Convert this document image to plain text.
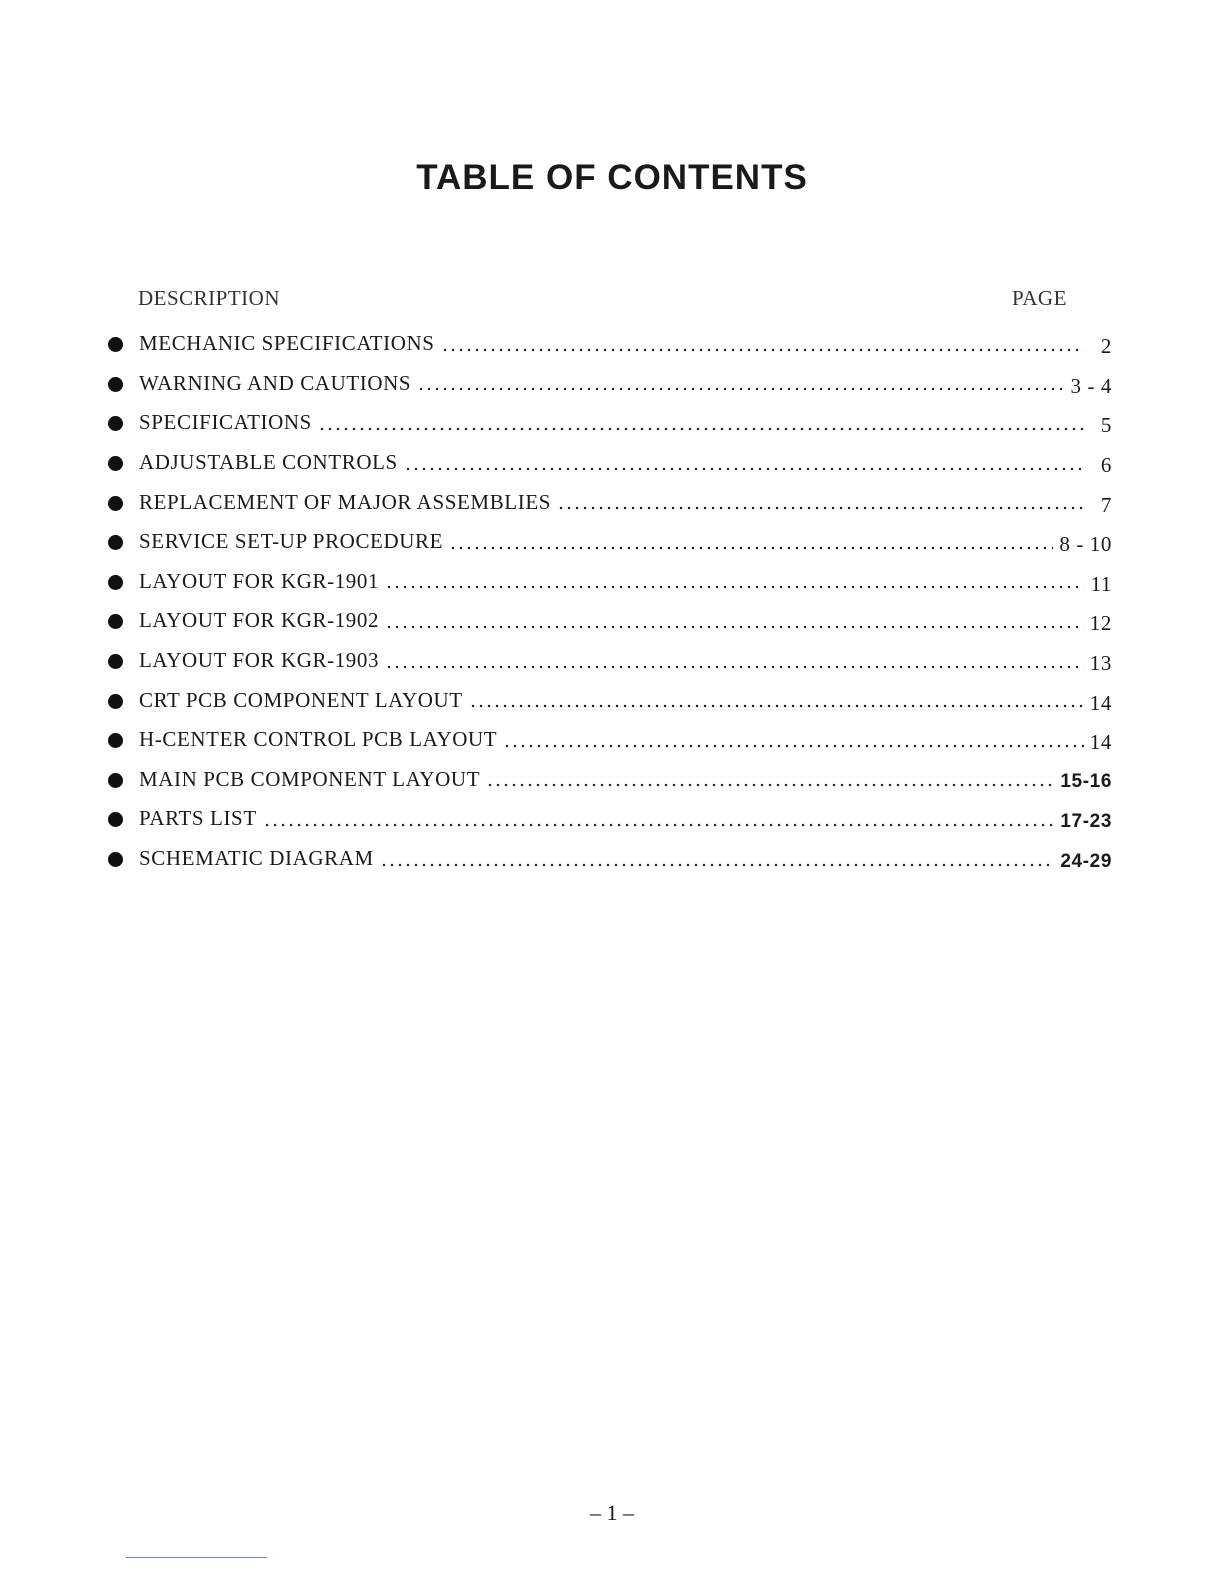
TABLE OF CONTENTS
DESCRIPTION	PAGE
MECHANIC SPECIFICATIONS	2
WARNING AND CAUTIONS	3 - 4
SPECIFICATIONS	5
ADJUSTABLE CONTROLS	6
REPLACEMENT OF MAJOR ASSEMBLIES	7
SERVICE SET-UP PROCEDURE	8 - 10
LAYOUT FOR KGR-1901	11
LAYOUT FOR KGR-1902	12
LAYOUT FOR KGR-1903	13
CRT PCB COMPONENT LAYOUT	14
H-CENTER CONTROL PCB LAYOUT	14
MAIN PCB COMPONENT LAYOUT	15-16
PARTS LIST	17-23
SCHEMATIC DIAGRAM	24-29
– 1 –
